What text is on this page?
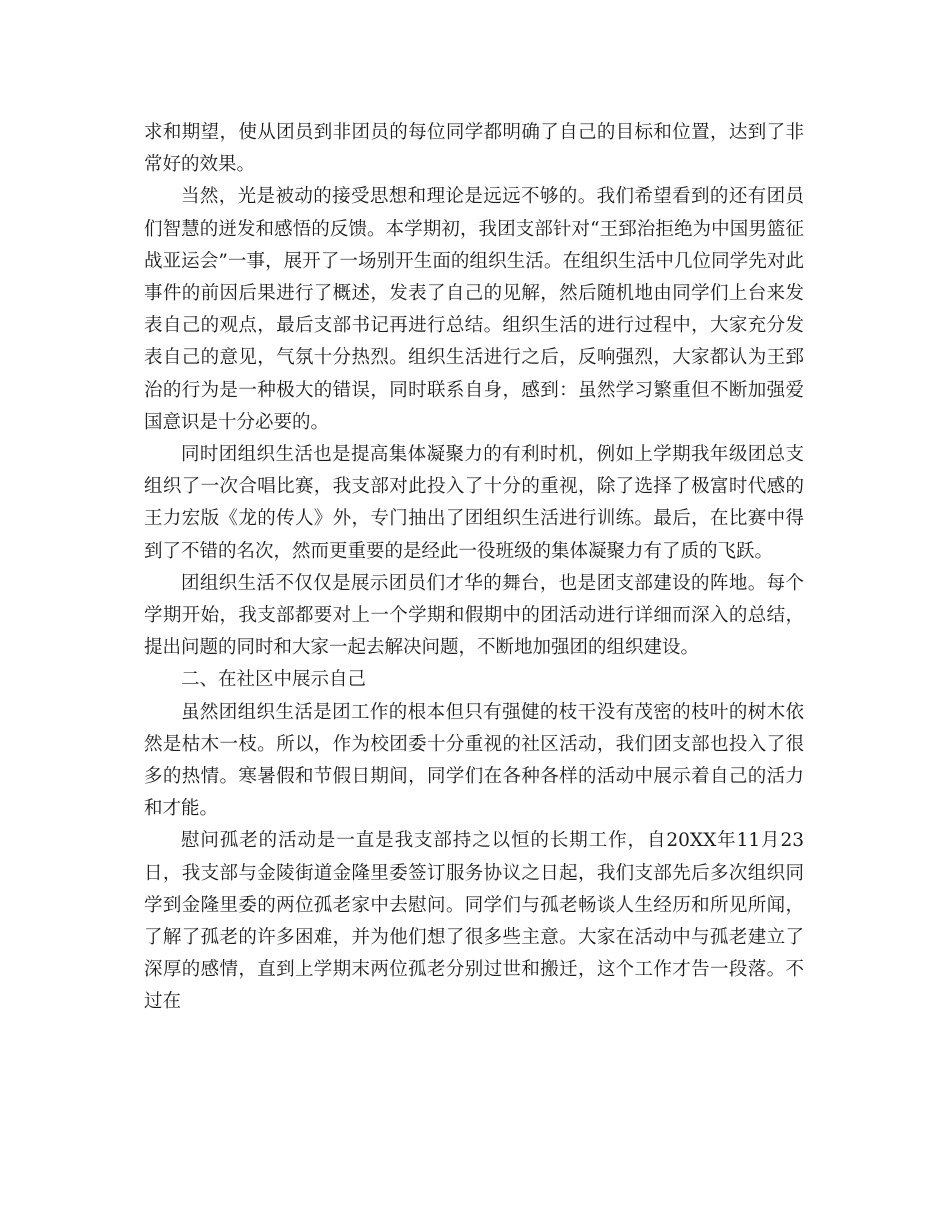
求和期望，使从团员到非团员的每位同学都明确了自己的目标和位置，达到了非常好的效果。

当然，光是被动的接受思想和理论是远远不够的。我们希望看到的还有团员们智慧的迸发和感悟的反馈。本学期初，我团支部针对“王郅治拒绝为中国男篮征战亚运会”一事，展开了一场别开生面的组织生活。在组织生活中几位同学先对此事件的前因后果进行了概述，发表了自己的见解，然后随机地由同学们上台来发表自己的观点，最后支部书记再进行总结。组织生活的进行过程中，大家充分发表自己的意见，气氛十分热烈。组织生活进行之后，反响强烈，大家都认为王郅治的行为是一种极大的错误，同时联系自身，感到：虽然学习繁重但不断加强爱国意识是十分必要的。

同时团组织生活也是提高集体凝聚力的有利时机，例如上学期我年级团总支组织了一次合唱比赛，我支部对此投入了十分的重视，除了选择了极富时代感的王力宏版《龙的传人》外，专门抽出了团组织生活进行训练。最后，在比赛中得到了不错的名次，然而更重要的是经此一役班级的集体凝聚力有了质的飞跃。

团组织生活不仅仅是展示团员们才华的舞台，也是团支部建设的阵地。每个学期开始，我支部都要对上一个学期和假期中的团活动进行详细而深入的总结，提出问题的同时和大家一起去解决问题，不断地加强团的组织建设。

二、在社区中展示自己

虽然团组织生活是团工作的根本但只有强健的枝干没有茂密的枝叶的树木依然是枯木一枝。所以，作为校团委十分重视的社区活动，我们团支部也投入了很多的热情。寒暑假和节假日期间，同学们在各种各样的活动中展示着自己的活力和才能。

慰问孤老的活动是一直是我支部持之以恒的长期工作，自20XX年11月23日，我支部与金陵街道金隆里委签订服务协议之日起，我们支部先后多次组织同学到金隆里委的两位孤老家中去慰问。同学们与孤老畅谈人生经历和所见所闻，了解了孤老的许多困难，并为他们想了很多些主意。大家在活动中与孤老建立了深厚的感情，直到上学期末两位孤老分别过世和搬迁，这个工作才告一段落。不过在
